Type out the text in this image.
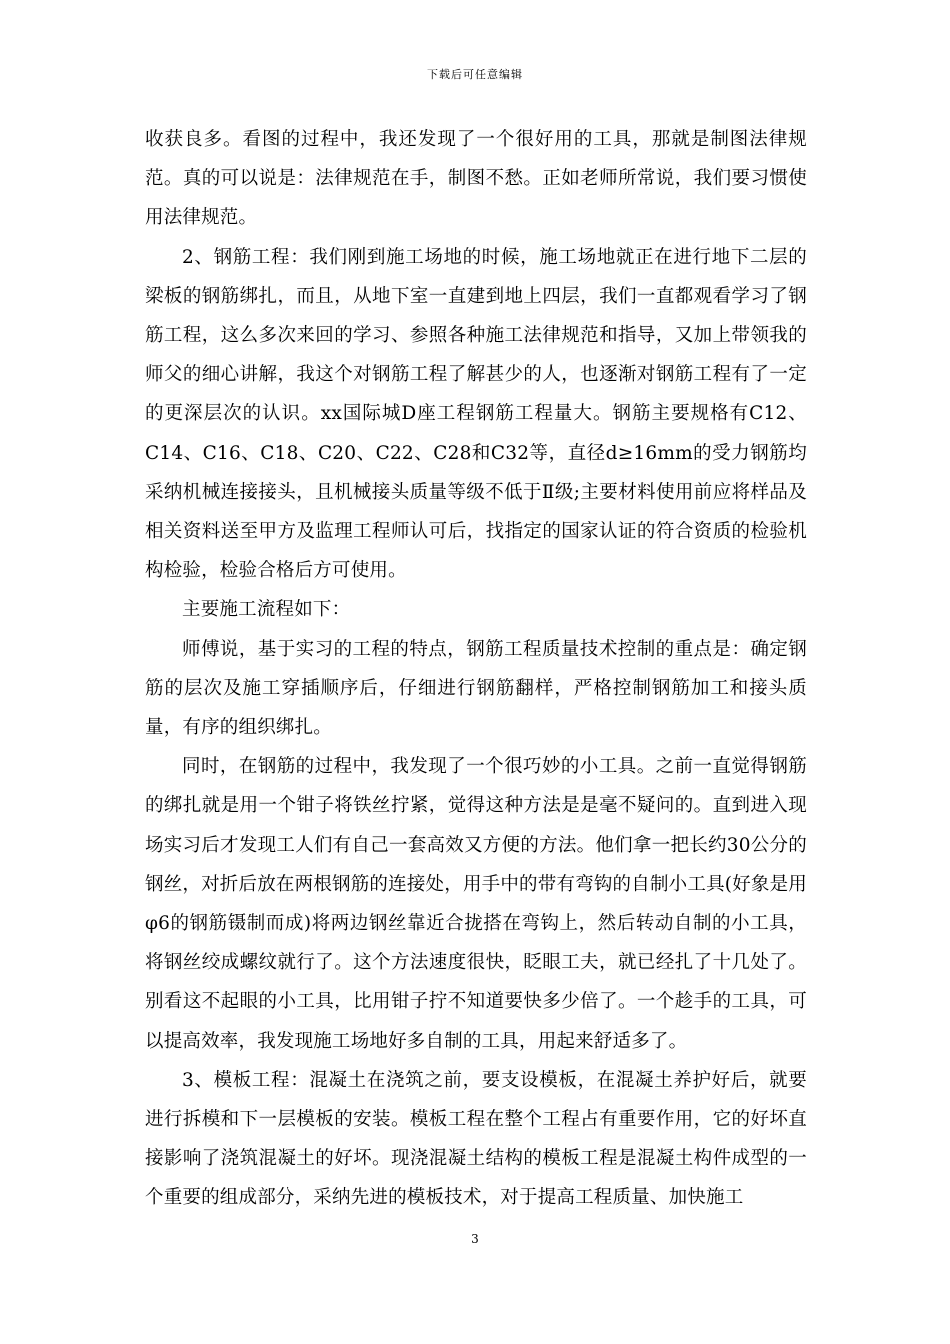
下载后可任意编辑

收获良多。看图的过程中，我还发现了一个很好用的工具，那就是制图法律规范。真的可以说是：法律规范在手，制图不愁。正如老师所常说，我们要习惯使用法律规范。

2、钢筋工程：我们刚到施工场地的时候，施工场地就正在进行地下二层的梁板的钢筋绑扎，而且，从地下室一直建到地上四层，我们一直都观看学习了钢筋工程，这么多次来回的学习、参照各种施工法律规范和指导，又加上带领我的师父的细心讲解，我这个对钢筋工程了解甚少的人，也逐渐对钢筋工程有了一定的更深层次的认识。xx国际城D座工程钢筋工程量大。钢筋主要规格有C12、C14、C16、C18、C20、C22、C28和C32等，直径d≥16mm的受力钢筋均采纳机械连接接头，且机械接头质量等级不低于Ⅱ级;主要材料使用前应将样品及相关资料送至甲方及监理工程师认可后，找指定的国家认证的符合资质的检验机构检验，检验合格后方可使用。

主要施工流程如下：

师傅说，基于实习的工程的特点，钢筋工程质量技术控制的重点是：确定钢筋的层次及施工穿插顺序后，仔细进行钢筋翻样，严格控制钢筋加工和接头质量，有序的组织绑扎。

同时，在钢筋的过程中，我发现了一个很巧妙的小工具。之前一直觉得钢筋的绑扎就是用一个钳子将铁丝拧紧，觉得这种方法是是毫不疑问的。直到进入现场实习后才发现工人们有自己一套高效又方便的方法。他们拿一把长约30公分的钢丝，对折后放在两根钢筋的连接处，用手中的带有弯钩的自制小工具(好象是用φ6的钢筋镊制而成)将两边钢丝靠近合拢搭在弯钩上，然后转动自制的小工具，将钢丝绞成螺纹就行了。这个方法速度很快，眨眼工夫，就已经扎了十几处了。别看这不起眼的小工具，比用钳子拧不知道要快多少倍了。一个趁手的工具，可以提高效率，我发现施工场地好多自制的工具，用起来舒适多了。

3、模板工程：混凝土在浇筑之前，要支设模板，在混凝土养护好后，就要进行拆模和下一层模板的安装。模板工程在整个工程占有重要作用，它的好坏直接影响了浇筑混凝土的好坏。现浇混凝土结构的模板工程是混凝土构件成型的一个重要的组成部分，采纳先进的模板技术，对于提高工程质量、加快施工

3
